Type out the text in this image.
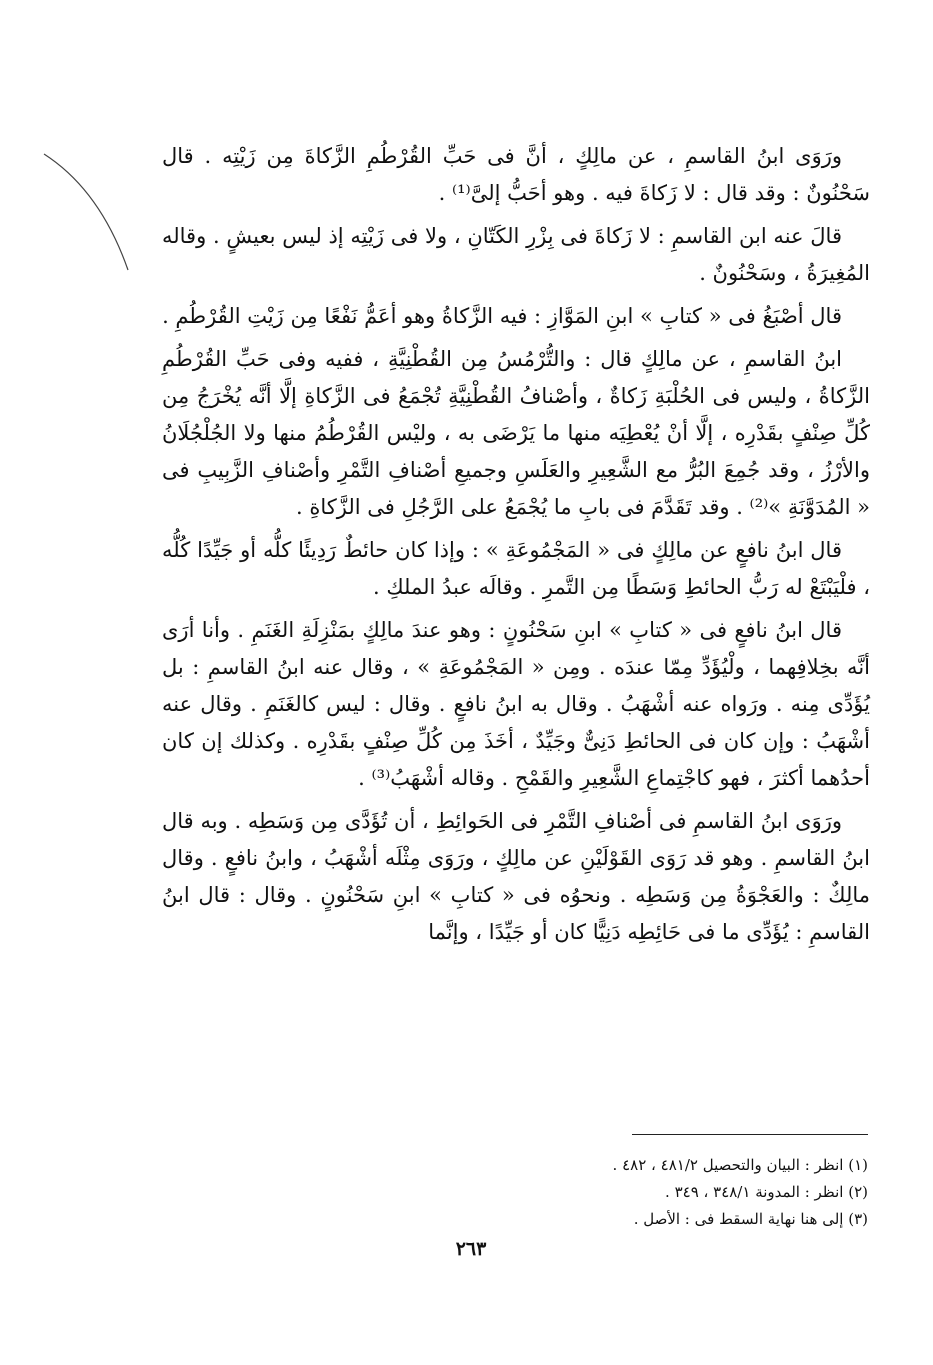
ورَوَى ابنُ القاسمِ ، عن مالِكٍ ، أنَّ فى حَبِّ القُرْطُمِ الزَّكاةَ مِن زَيْتِه . قال سَحْنُونٌ : وقد قال : لا زَكاةَ فيه . وهو أحَبُّ إلىَّ⁽¹⁾ .

قالَ عنه ابن القاسمِ : لا زَكاةَ فى بِزْرِ الكَتّانِ ، ولا فى زَيْتِه إذ ليس بعيشٍ . وقاله المُغِيرَةُ ، وسَحْنُونٌ .

قال أصْبَغُ فى « كتابِ » ابنِ المَوَّازِ : فيه الزَّكاةُ وهو أعَمُّ نَفْعًا مِن زَيْتِ القُرْطُمِ .

ابنُ القاسمِ ، عن مالِكٍ قال : والتُّرْمُسُ مِن القُطْنِيَّةِ ، ففيه وفى حَبِّ القُرْطُمِ الزَّكاةُ ، وليس فى الحُلْبَةِ زَكاةٌ ، وأصْنافُ القُطْنِيَّةِ تُجْمَعُ فى الزَّكاةِ إلَّا أنَّه يُخْرَجُ مِن كُلِّ صِنْفٍ بقَدْرِه ، إلَّا أنْ يُعْطِيَه منها ما يَرْضَى به ، وليْس القُرْطُمُ منها ولا الجُلْجُلَانُ والأرْزُ ، وقد جُمِعَ البُرُّ مع الشَّعِيرِ والعَلَسِ وجميعِ أصْنافِ التَّمْرِ وأصْنافِ الزَّبِيبِ فى « المُدَوَّنَةِ »⁽²⁾ . وقد تَقَدَّمَ فى بابِ ما يُجْمَعُ على الرَّجُلِ فى الزَّكاةِ .

قال ابنُ نافعٍ عن مالِكٍ فى « المَجْمُوعَةِ » : وإذا كان حائطٌ رَدِيئًا كلُّه أو جَيِّدًا كُلُّه ، فلْيَبْتَعْ له رَبُّ الحائطِ وَسَطًا مِن التَّمرِ . وقالَه عبدُ الملكِ .

قال ابنُ نافعٍ فى « كتابِ » ابنِ سَحْنُونٍ : وهو عندَ مالِكٍ بمَنْزِلَةِ الغَنَمِ . وأنا أرَى أنَّه بخِلافِهما ، ولْيُؤَدِّ مِمّا عندَه . ومِن « المَجْمُوعَةِ » ، وقال عنه ابنُ القاسمِ : بل يُؤَدِّى مِنه . ورَواه عنه أشْهَبُ . وقال به ابنُ نافعٍ . وقال : ليس كالغَنَمِ . وقال عنه أشْهَبُ : وإن كان فى الحائطِ دَنِىٌّ وجَيِّدٌ ، أخَذَ مِن كُلِّ صِنْفٍ بقَدْرِه . وكذلك إن كان أحدُهما أكثرَ ، فهو كاجْتِماعِ الشَّعِيرِ والقَمْحِ . وقاله أشْهَبُ⁽³⁾ .

ورَوَى ابنُ القاسمِ فى أصْنافِ التَّمْرِ فى الحَوائِطِ ، أن تُؤَدَّى مِن وَسَطِه . وبه قال ابنُ القاسمِ . وهو قد رَوَى القَوْلَيْنِ عن مالِكٍ ، ورَوَى مِثْلَه أشْهَبُ ، وابنُ نافعٍ . وقال مالِكٌ : والعَجْوَةُ مِن وَسَطِه . ونحوُه فى « كتابِ » ابنِ سَحْنُونٍ . وقال : قال ابنُ القاسمِ : يُؤَدِّى ما فى حَائِطِه دَنِيًّا كان أو جَيِّدًا ، وإنَّما

(١) انظر : البيان والتحصيل ٤٨١/٢ ، ٤٨٢ .
(٢) انظر : المدونة ٣٤٨/١ ، ٣٤٩ .
(٣) إلى هنا نهاية السقط فى : الأصل .
٢٦٣
